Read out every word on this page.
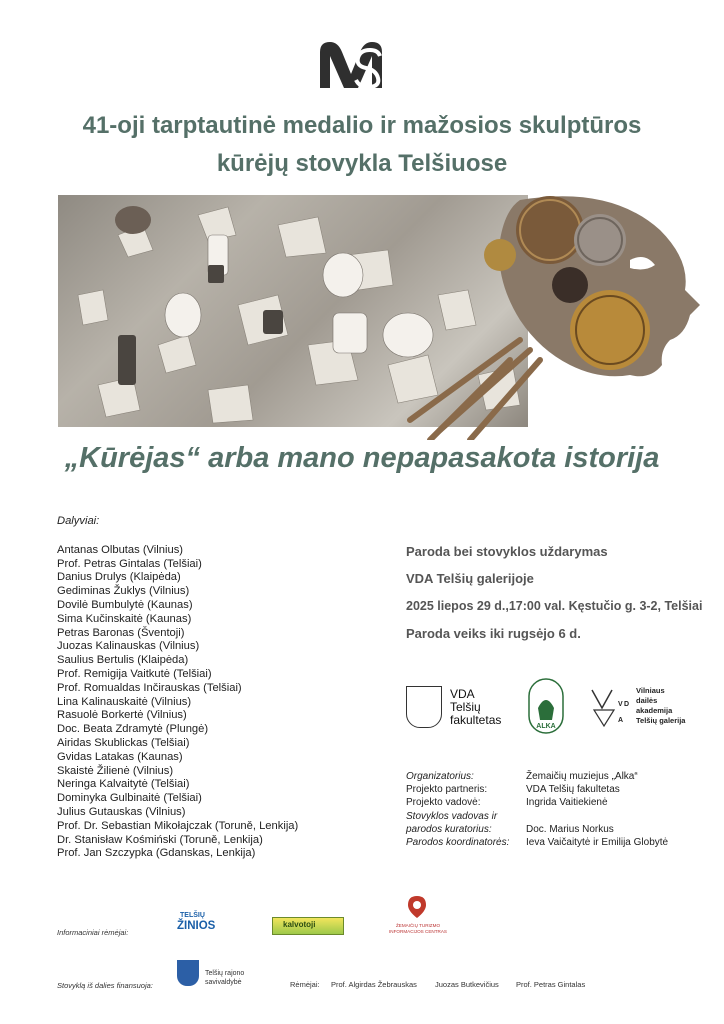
41-oji tarptautinė medalio ir mažosios skulptūros
kūrėjų stovykla Telšiuose
„Kūrėjas“ arba mano nepapasakota istorija
Dalyviai:
Antanas Olbutas (Vilnius)
Prof. Petras Gintalas (Telšiai)
Danius Drulys (Klaipėda)
Gediminas Žuklys (Vilnius)
Dovilė Bumbulytė (Kaunas)
Sima Kučinskaitė (Kaunas)
Petras Baronas (Šventoji)
Juozas Kalinauskas (Vilnius)
Saulius Bertulis (Klaipėda)
Prof. Remigija Vaitkutė (Telšiai)
Prof. Romualdas Inčirauskas (Telšiai)
Lina Kalinauskaitė (Vilnius)
Rasuolė Borkertė (Vilnius)
Doc. Beata Zdramytė (Plungė)
Airidas Skublickas (Telšiai)
Gvidas Latakas (Kaunas)
Skaistė Žilienė (Vilnius)
Neringa Kalvaitytė (Telšiai)
Dominyka Gulbinaitė (Telšiai)
Julius Gutauskas (Vilnius)
Prof. Dr. Sebastian Mikołajczak (Toruně, Lenkija)
Dr. Stanisław Kośmiński (Toruně, Lenkija)
Prof. Jan Szczypka (Gdanskas, Lenkija)
Paroda bei stovyklos uždarymas
VDA Telšių galerijoje
2025 liepos 29 d.,17:00 val. Kęstučio g. 3-2, Telšiai
Paroda veiks iki rugsėjo 6 d.
VDA
Telšių
fakultetas	ALKA
V D
A
Vilniaus
dailės
akademija
Telšių galerija
Organizatorius:	Žemaičių muziejus „Alka“
Projekto partneris:	VDA Telšių fakultetas
Projekto vadovė:	Ingrida Vaitiekienė
Stovyklos vadovas ir
parodos kuratorius:	Doc. Marius Norkus
Parodos koordinatorės: Ieva Vaičaitytė ir Emilija Globytė
Informaciniai rėmėjai:
TELŠIŲ
ŽINIOS	kalvotoji	ŽEMAIČIŲ TURIZMO
INFORMACIJOS CENTRAS
Stovyklą iš dalies finansuoja:
Telšių rajono
savivaldybė	Rėmėjai: Prof. Algirdas Žebrauskas Juozas Butkevičius Prof. Petras Gintalas
